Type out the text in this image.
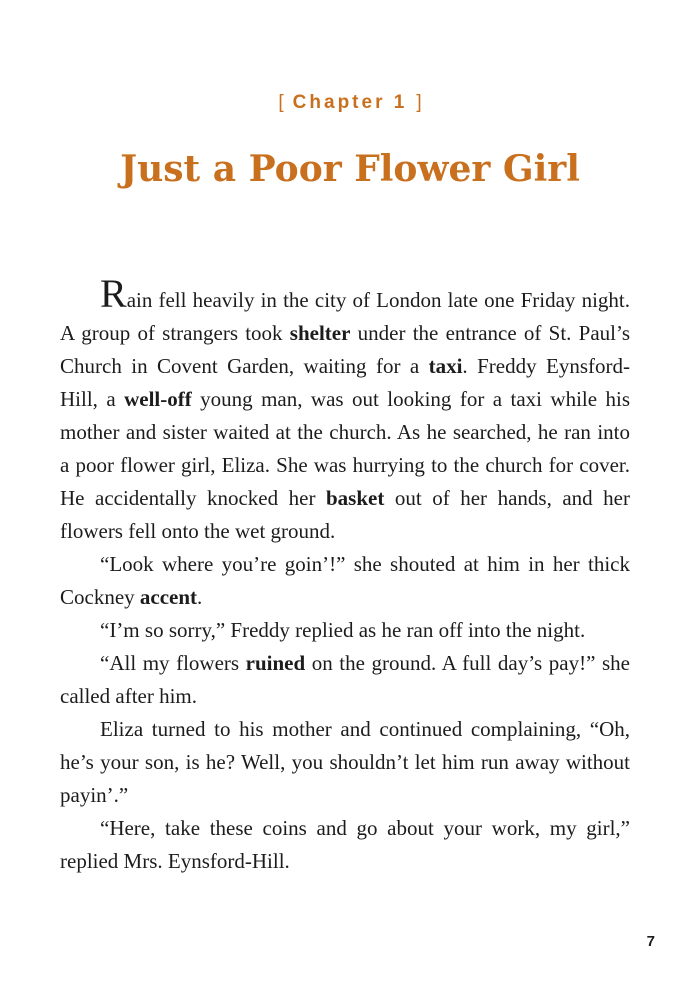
[ Chapter 1 ]
Just a Poor Flower Girl

Rain fell heavily in the city of London late one Friday night. A group of strangers took shelter under the entrance of St. Paul’s Church in Covent Garden, waiting for a taxi. Freddy Eynsford-Hill, a well-off young man, was out looking for a taxi while his mother and sister waited at the church. As he searched, he ran into a poor flower girl, Eliza. She was hurrying to the church for cover. He accidentally knocked her basket out of her hands, and her flowers fell onto the wet ground.

“Look where you’re goin’!” she shouted at him in her thick Cockney accent.

“I’m so sorry,” Freddy replied as he ran off into the night.

“All my flowers ruined on the ground. A full day’s pay!” she called after him.

Eliza turned to his mother and continued complaining, “Oh, he’s your son, is he? Well, you shouldn’t let him run away without payin’.”

“Here, take these coins and go about your work, my girl,” replied Mrs. Eynsford-Hill.

7
